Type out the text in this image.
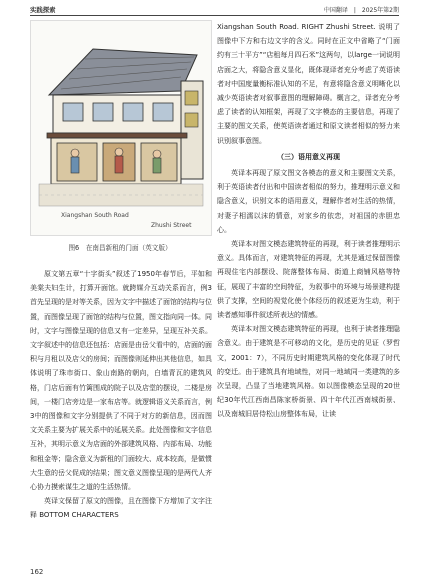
实践探索	中国翻译　|　2025年第2期
Xiangshan South Road
Zhushi Street
图6　在南昌新租的门面（英文版）

原文第五章“十字街头”叙述了1950年春节后，平如和美棠夫妇生计，打算开面馆。就跨媒介互动关系而言，例3首先呈现的是对等关系，因为文字中描述了面馆的结构与位置，而图像呈现了面馆的结构与位置，图文指向同一体。同时，文字与图像呈现的信息又有一定差异，呈现互补关系。文字叙述中的信息还包括：店面是由岳父看中的，店面的面积与月租以及店父的房间；而图像则延伸出其他信息，如具体说明了珠市街口、象山南路的朝向，白墙青瓦的建筑风格，门店后面有竹篱围成的院子以及店堂的摆设，二楼是房间，一楼门店旁边是一家布店等。就逻辑语义关系而言，例3中的图像和文字分别提供了不同于对方的新信息，因而图文关系主要为扩展关系中的延展关系。此处图像和文字信息互补，其明示意义为店面的外部建筑风格、内部布局、功能和租金等；隐含意义为新租的门面较大、成本较高，是做惯大生意的岳父促成的结果；图文意义图像呈现的是两代人齐心协力摸索谋生之道的生活热情。

英译文保留了原文的图像，且在图像下方增加了文字注释 BOTTOM CHARACTERS

Xiangshan South Road. RIGHT Zhushi Street. 说明了图像中下方和右边文字的含义。同时在正文中省略了“门面约有三十平方”“店租每月四石米”这两句，以large一词说明店面之大，将隐含意义显化，既体现译者充分考虑了英语读者对中国度量衡标准认知的不足，有意将隐含意义明晰化以减少英语读者对叙事意图的理解障碍。概言之，译者充分考虑了读者的认知框架，再现了文字模态的主要信息，再现了主要的图文关系，使英语读者通过和原文读者相似的努力来识别叙事意图。

（三）语用意义再现

英译本再现了原文图文各模态的意义和主要图文关系，利于英语读者付出和中国读者相似的努力，推理明示意义和隐含意义，识别文本的语用意义，理解作者对生活的热情，对妻子相濡以沫的情意，对家乡的依恋，对祖国的赤胆忠心。

英译本对图文模态建筑特征的再现，利于读者推理明示意义。具体而言，对建筑特征的再现，尤其是通过保留图像再现住宅内部摆设、院落整体布局、街道上商铺风格等特征，展现了丰富的空间特征，为叙事中的环境与场景建构提供了支撑，空间的视觉化使个体经历的叙述更为生动，利于读者感知事件叙述所表达的情感。

英译本对图文模态建筑特征的再现，也利于读者推理隐含意义。由于建筑是不可移动的文化，是历史的见证（罗哲文，2001：7），不同历史时期建筑风格的变化体现了时代的变迁。由于建筑具有地域性，对同一地域同一类建筑的多次呈现，凸显了当地建筑风格。如以图像模态呈现的20世纪30年代江西南昌陈家桥街景、四十年代江西南城街景、以及南城旧居侍松山房整体布局，让读

162
